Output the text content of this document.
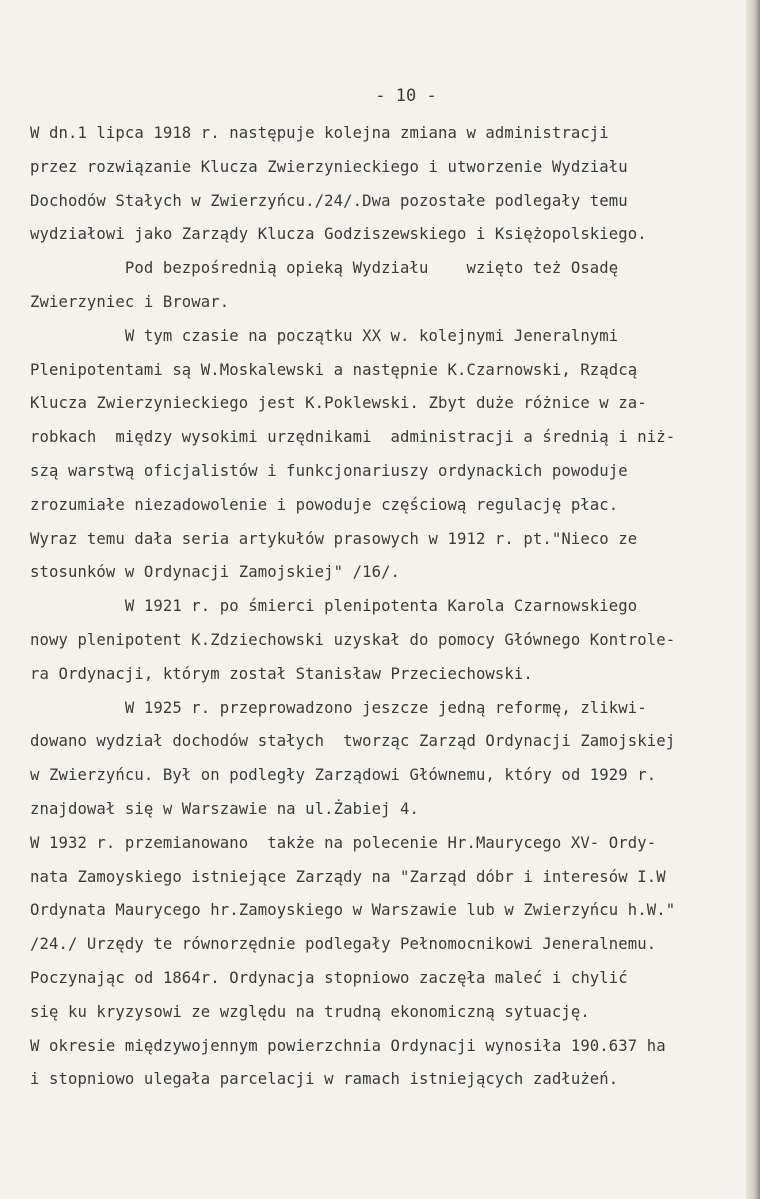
- 10 -
W dn.1 lipca 1918 r. następuje kolejna zmiana w administracji
przez rozwiązanie Klucza Zwierzynieckiego i utworzenie Wydziału
Dochodów Stałych w Zwierzyńcu./24/.Dwa pozostałe podlegały temu
wydziałowi jako Zarządy Klucza Godziszewskiego i Księżopolskiego.
Pod bezpośrednią opieką Wydziału    wzięto też Osadę
Zwierzyniec i Browar.
W tym czasie na początku XX w. kolejnymi Jeneralnymi
Plenipotentami są W.Moskalewski a następnie K.Czarnowski, Rządcą
Klucza Zwierzynieckiego jest K.Poklewski. Zbyt duże różnice w za-
robkach  między wysokimi urzędnikami  administracji a średnią i niż-
szą warstwą oficjalistów i funkcjonariuszy ordynackich powoduje
zrozumiałe niezadowolenie i powoduje częściową regulację płac.
Wyraz temu dała seria artykułów prasowych w 1912 r. pt."Nieco ze
stosunków w Ordynacji Zamojskiej" /16/.
W 1921 r. po śmierci plenipotenta Karola Czarnowskiego
nowy plenipotent K.Zdziechowski uzyskał do pomocy Głównego Kontrole-
ra Ordynacji, którym został Stanisław Przeciechowski.
W 1925 r. przeprowadzono jeszcze jedną reformę, zlikwi-
dowano wydział dochodów stałych  tworząc Zarząd Ordynacji Zamojskiej
w Zwierzyńcu. Był on podległy Zarządowi Głównemu, który od 1929 r.
znajdował się w Warszawie na ul.Żabiej 4.
W 1932 r. przemianowano  także na polecenie Hr.Maurycego XV- Ordy-
nata Zamoyskiego istniejące Zarządy na "Zarząd dóbr i interesów I.W
Ordynata Maurycego hr.Zamoyskiego w Warszawie lub w Zwierzyńcu h.W."
/24./ Urzędy te równorzędnie podlegały Pełnomocnikowi Jeneralnemu.
Poczynając od 1864r. Ordynacja stopniowo zaczęła maleć i chylić
się ku kryzysowi ze względu na trudną ekonomiczną sytuację.
W okresie międzywojennym powierzchnia Ordynacji wynosiła 190.637 ha
i stopniowo ulegała parcelacji w ramach istniejących zadłużeń.
